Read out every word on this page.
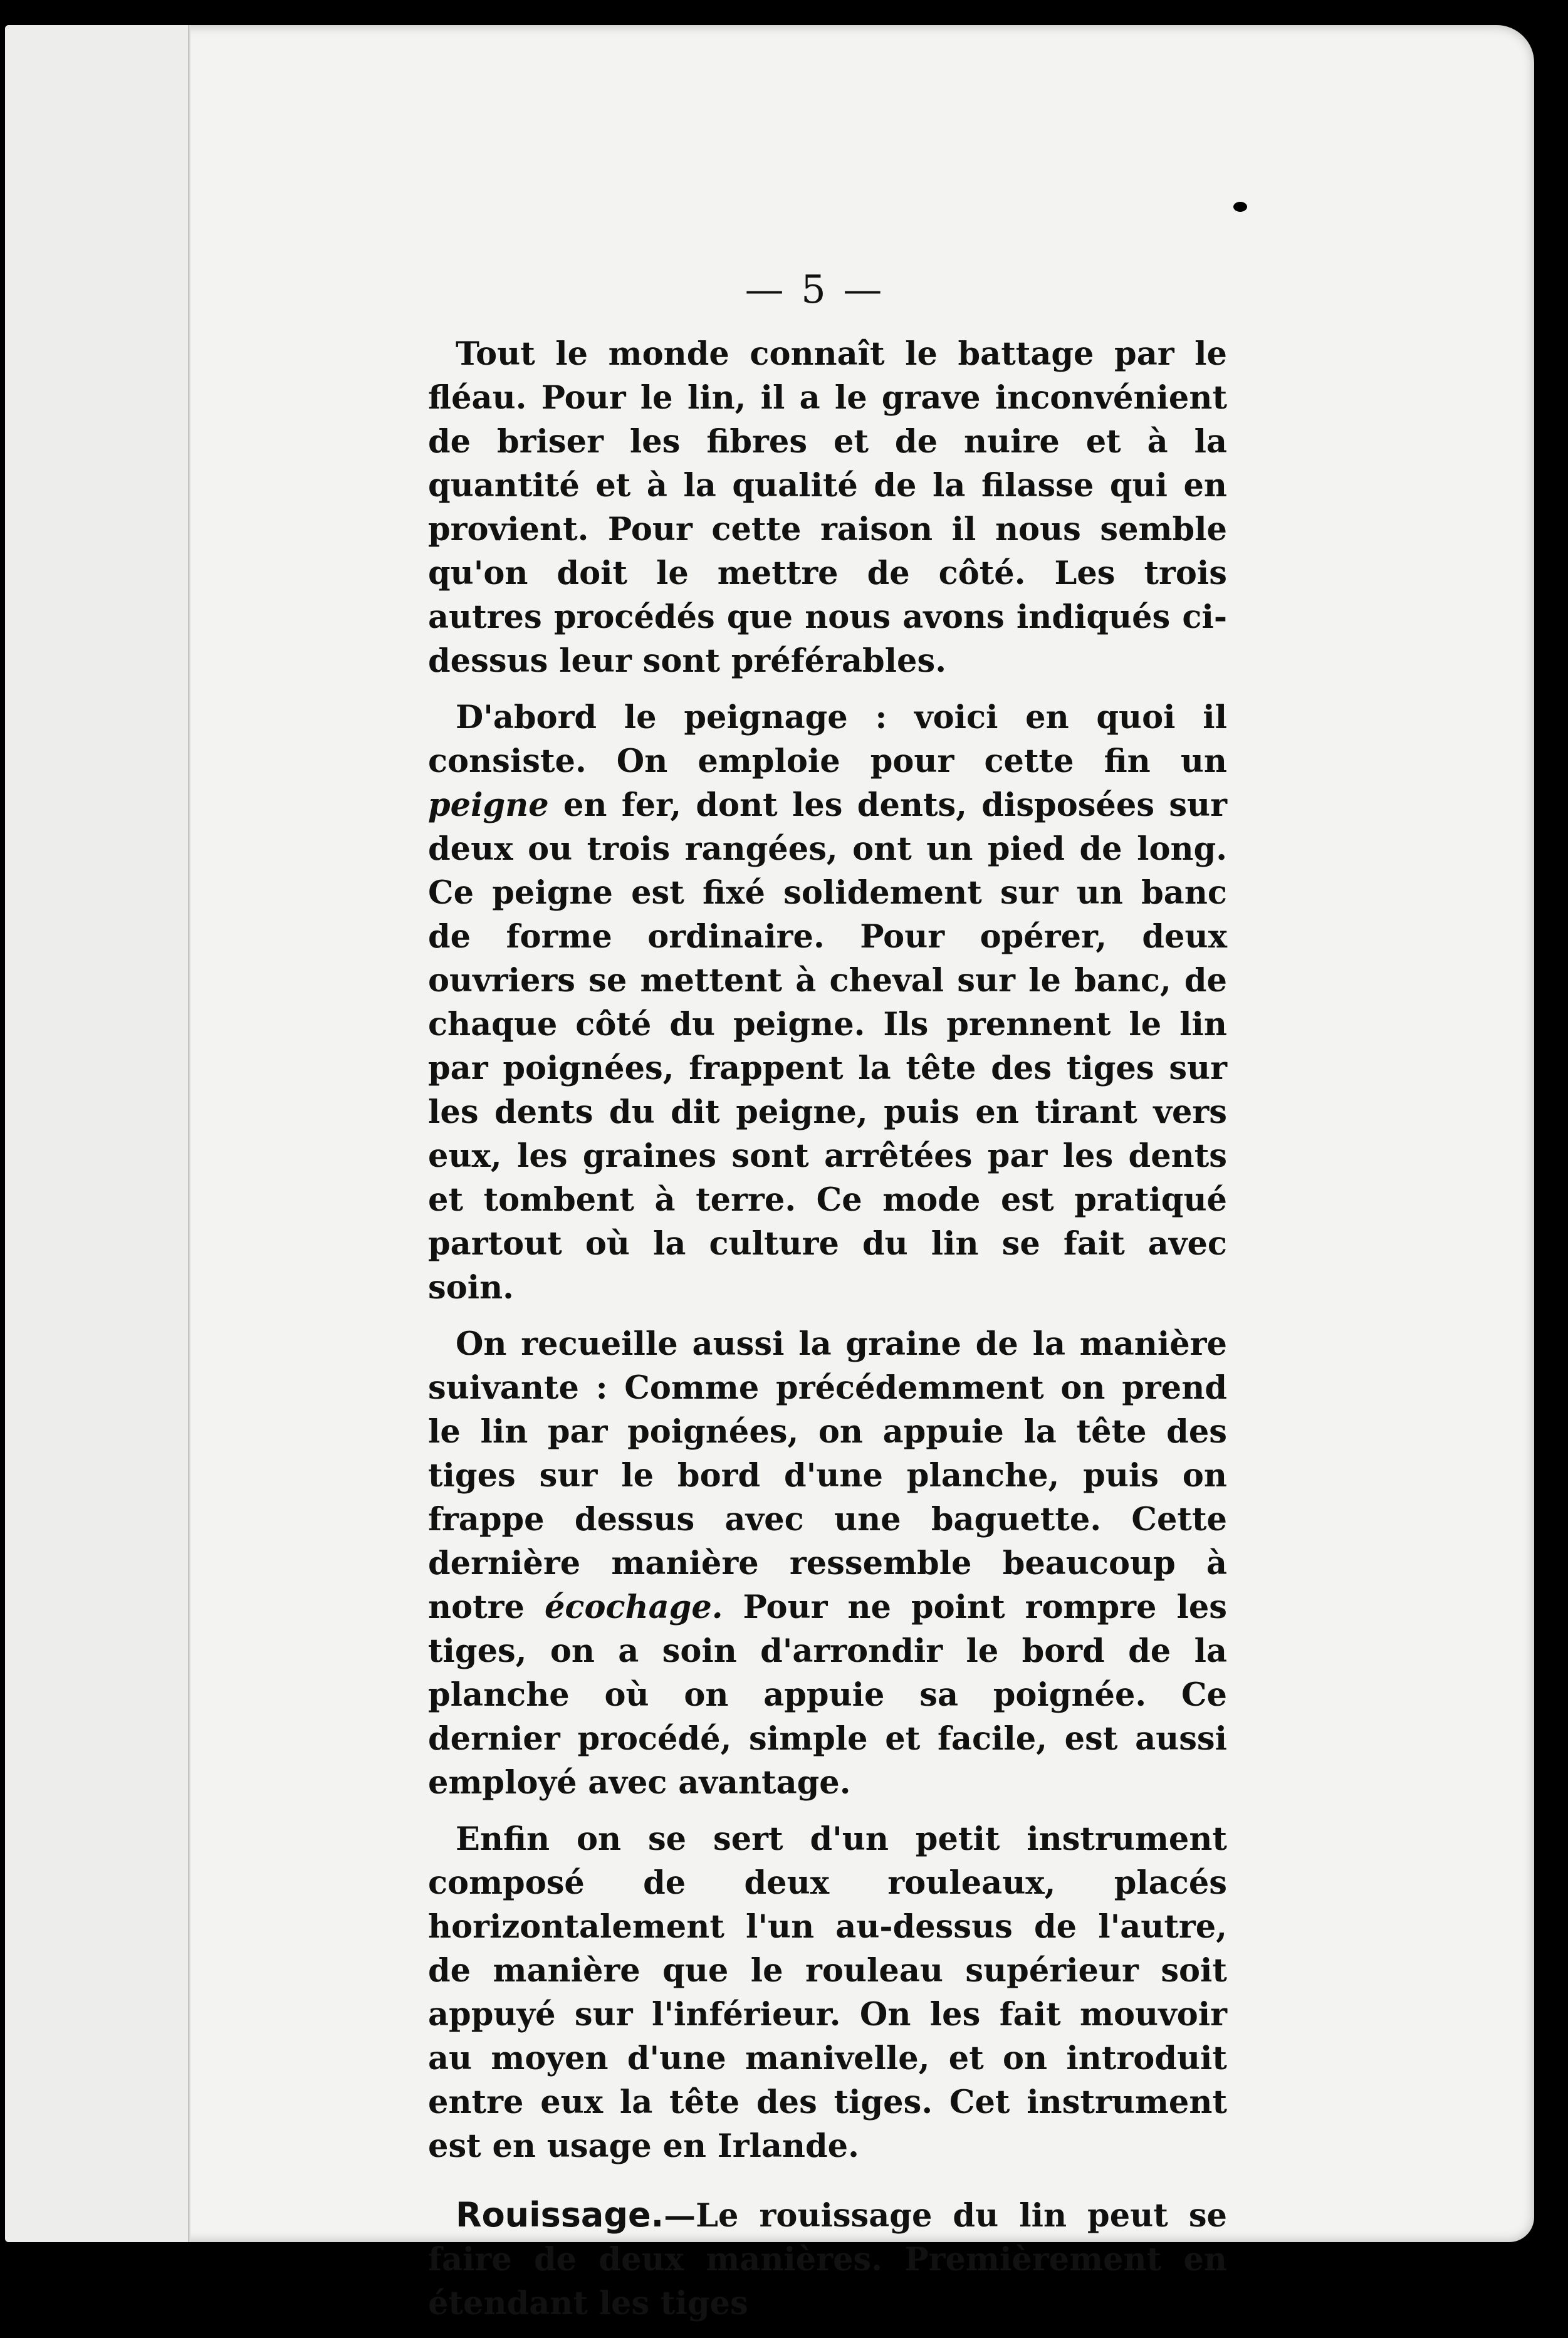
— 5 —

Tout le monde connaît le battage par le fléau. Pour le lin, il a le grave inconvénient de briser les fibres et de nuire et à la quantité et à la qualité de la filasse qui en provient. Pour cette raison il nous semble qu'on doit le mettre de côté. Les trois autres procédés que nous avons indiqués ci-dessus leur sont préférables.

D'abord le peignage : voici en quoi il consiste. On emploie pour cette fin un peigne en fer, dont les dents, disposées sur deux ou trois rangées, ont un pied de long. Ce peigne est fixé solidement sur un banc de forme ordinaire. Pour opérer, deux ouvriers se mettent à cheval sur le banc, de chaque côté du peigne. Ils prennent le lin par poignées, frappent la tête des tiges sur les dents du dit peigne, puis en tirant vers eux, les graines sont arrêtées par les dents et tombent à terre. Ce mode est pratiqué partout où la culture du lin se fait avec soin.

On recueille aussi la graine de la manière suivante : Comme précédemment on prend le lin par poignées, on appuie la tête des tiges sur le bord d'une planche, puis on frappe dessus avec une baguette. Cette dernière manière ressemble beaucoup à notre écochage. Pour ne point rompre les tiges, on a soin d'arrondir le bord de la planche où on appuie sa poignée. Ce dernier procédé, simple et facile, est aussi employé avec avantage.

Enfin on se sert d'un petit instrument composé de deux rouleaux, placés horizontalement l'un au-dessus de l'autre, de manière que le rouleau supérieur soit appuyé sur l'inférieur. On les fait mouvoir au moyen d'une manivelle, et on introduit entre eux la tête des tiges. Cet instrument est en usage en Irlande.

Rouissage.—Le rouissage du lin peut se faire de deux manières. Premièrement en étendant les tiges
